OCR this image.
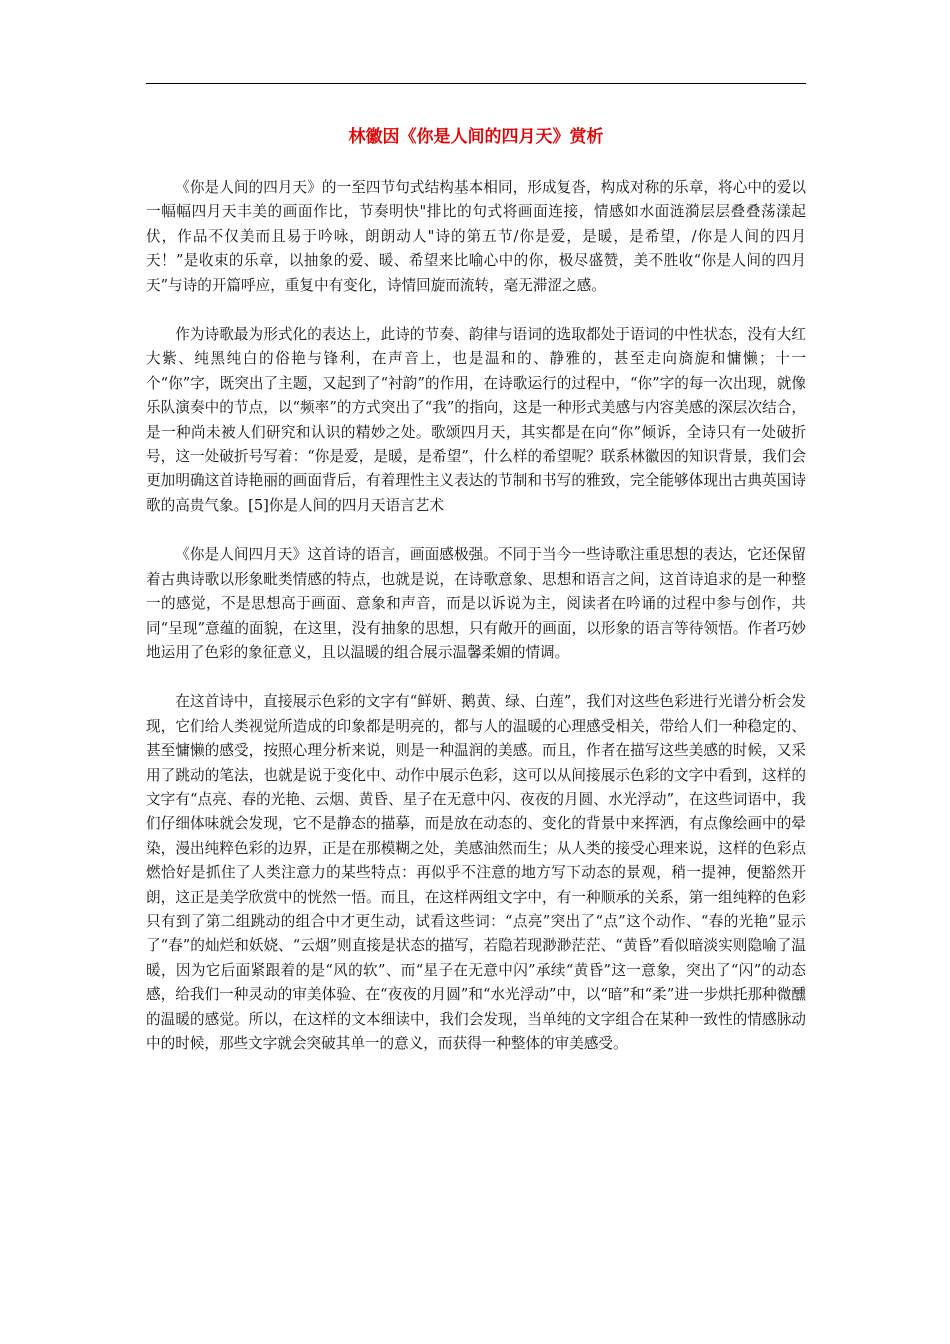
林徽因《你是人间的四月天》赏析

《你是人间的四月天》的一至四节句式结构基本相同，形成复沓，构成对称的乐章，将心中的爱以一幅幅四月天丰美的画面作比，节奏明快"排比的句式将画面连接，情感如水面涟漪层层叠叠荡漾起伏，作品不仅美而且易于吟咏，朗朗动人"诗的第五节/你是爱，是暖，是希望，/你是人间的四月天！”是收束的乐章，以抽象的爱、暖、希望来比喻心中的你，极尽盛赞，美不胜收“你是人间的四月天”与诗的开篇呼应，重复中有变化，诗情回旋而流转，毫无滞涩之感。

作为诗歌最为形式化的表达上，此诗的节奏、韵律与语词的选取都处于语词的中性状态，没有大红大紫、纯黑纯白的俗艳与锋利，在声音上，也是温和的、静雅的，甚至走向旖旎和慵懒；十一个“你”字，既突出了主题，又起到了“衬韵”的作用，在诗歌运行的过程中，“你”字的每一次出现，就像乐队演奏中的节点，以“频率”的方式突出了“我”的指向，这是一种形式美感与内容美感的深层次结合，是一种尚未被人们研究和认识的精妙之处。歌颂四月天，其实都是在向“你”倾诉，全诗只有一处破折号，这一处破折号写着：“你是爱，是暖，是希望”，什么样的希望呢？联系林徽因的知识背景，我们会更加明确这首诗艳丽的画面背后，有着理性主义表达的节制和书写的雅致，完全能够体现出古典英国诗歌的高贵气象。[5]你是人间的四月天语言艺术

《你是人间四月天》这首诗的语言，画面感极强。不同于当今一些诗歌注重思想的表达，它还保留着古典诗歌以形象毗类情感的特点，也就是说，在诗歌意象、思想和语言之间，这首诗追求的是一种整一的感觉，不是思想高于画面、意象和声音，而是以诉说为主，阅读者在吟诵的过程中参与创作，共同“呈现”意蕴的面貌，在这里，没有抽象的思想，只有敞开的画面，以形象的语言等待领悟。作者巧妙地运用了色彩的象征意义，且以温暖的组合展示温馨柔媚的情调。

在这首诗中，直接展示色彩的文字有“鲜妍、鹅黄、绿、白莲”，我们对这些色彩进行光谱分析会发现，它们给人类视觉所造成的印象都是明亮的，都与人的温暖的心理感受相关，带给人们一种稳定的、甚至慵懒的感受，按照心理分析来说，则是一种温润的美感。而且，作者在描写这些美感的时候，又采用了跳动的笔法，也就是说于变化中、动作中展示色彩，这可以从间接展示色彩的文字中看到，这样的文字有“点亮、春的光艳、云烟、黄昏、星子在无意中闪、夜夜的月圆、水光浮动”，在这些词语中，我们仔细体味就会发现，它不是静态的描摹，而是放在动态的、变化的背景中来挥洒，有点像绘画中的晕染，漫出纯粹色彩的边界，正是在那模糊之处，美感油然而生；从人类的接受心理来说，这样的色彩点燃恰好是抓住了人类注意力的某些特点：再似乎不注意的地方写下动态的景观，稍一提神，便豁然开朗，这正是美学欣赏中的恍然一悟。而且，在这样两组文字中，有一种顺承的关系，第一组纯粹的色彩只有到了第二组跳动的组合中才更生动，试看这些词：“点亮”突出了“点”这个动作、“春的光艳”显示了“春”的灿烂和妖娆、“云烟”则直接是状态的描写，若隐若现渺渺茫茫、“黄昏”看似暗淡实则隐喻了温暖，因为它后面紧跟着的是“风的软”、而“星子在无意中闪”承续“黄昏”这一意象，突出了“闪”的动态感，给我们一种灵动的审美体验、在“夜夜的月圆”和“水光浮动”中，以“暗”和“柔”进一步烘托那种微醺的温暖的感觉。所以，在这样的文本细读中，我们会发现，当单纯的文字组合在某种一致性的情感脉动中的时候，那些文字就会突破其单一的意义，而获得一种整体的审美感受。
